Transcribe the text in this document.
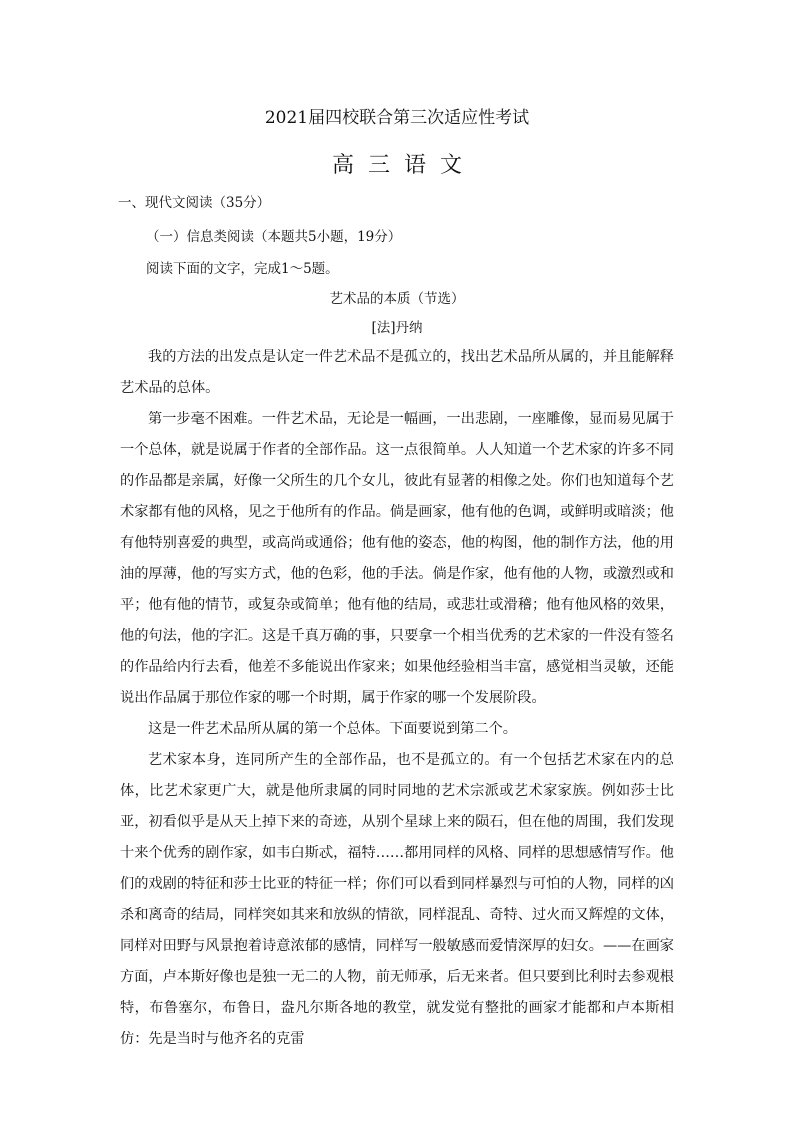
2021届四校联合第三次适应性考试
高三语文
一、现代文阅读（35分）
（一）信息类阅读（本题共5小题，19分）
阅读下面的文字，完成1～5题。
艺术品的本质（节选）
[法]丹纳

我的方法的出发点是认定一件艺术品不是孤立的，找出艺术品所从属的，并且能解释艺术品的总体。

第一步毫不困难。一件艺术品，无论是一幅画，一出悲剧，一座雕像，显而易见属于一个总体，就是说属于作者的全部作品。这一点很简单。人人知道一个艺术家的许多不同的作品都是亲属，好像一父所生的几个女儿，彼此有显著的相像之处。你们也知道每个艺术家都有他的风格，见之于他所有的作品。倘是画家，他有他的色调，或鲜明或暗淡；他有他特别喜爱的典型，或高尚或通俗；他有他的姿态，他的构图，他的制作方法，他的用油的厚薄，他的写实方式，他的色彩，他的手法。倘是作家，他有他的人物，或激烈或和平；他有他的情节，或复杂或简单；他有他的结局，或悲壮或滑稽；他有他风格的效果，他的句法，他的字汇。这是千真万确的事，只要拿一个相当优秀的艺术家的一件没有签名的作品给内行去看，他差不多能说出作家来；如果他经验相当丰富，感觉相当灵敏，还能说出作品属于那位作家的哪一个时期，属于作家的哪一个发展阶段。

这是一件艺术品所从属的第一个总体。下面要说到第二个。

艺术家本身，连同所产生的全部作品，也不是孤立的。有一个包括艺术家在内的总体，比艺术家更广大，就是他所隶属的同时同地的艺术宗派或艺术家家族。例如莎士比亚，初看似乎是从天上掉下来的奇迹，从别个星球上来的陨石，但在他的周围，我们发现十来个优秀的剧作家，如韦白斯忒，福特……都用同样的风格、同样的思想感情写作。他们的戏剧的特征和莎士比亚的特征一样；你们可以看到同样暴烈与可怕的人物，同样的凶杀和离奇的结局，同样突如其来和放纵的情欲，同样混乱、奇特、过火而又辉煌的文体，同样对田野与风景抱着诗意浓郁的感情，同样写一般敏感而爱情深厚的妇女。——在画家方面，卢本斯好像也是独一无二的人物，前无师承，后无来者。但只要到比利时去参观根特，布鲁塞尔，布鲁日，盎凡尔斯各地的教堂，就发觉有整批的画家才能都和卢本斯相仿：先是当时与他齐名的克雷
